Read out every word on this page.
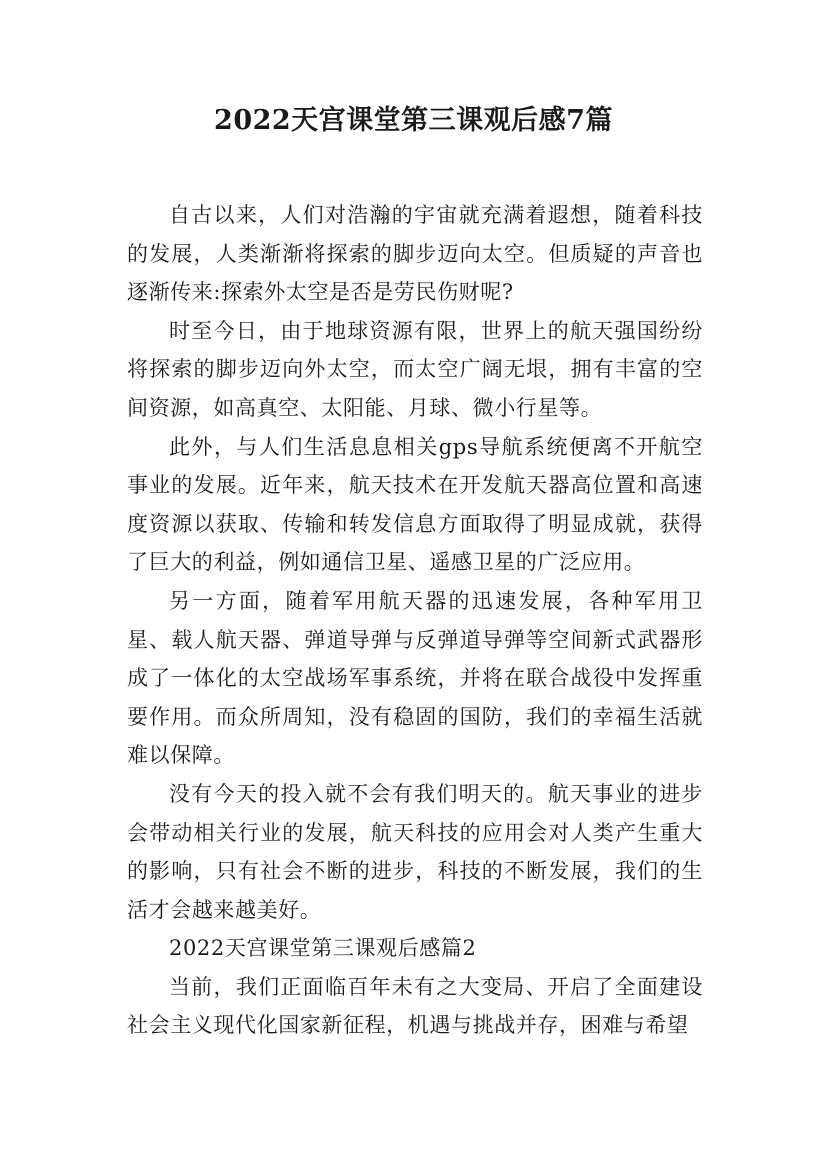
2022天宫课堂第三课观后感7篇

自古以来，人们对浩瀚的宇宙就充满着遐想，随着科技的发展，人类渐渐将探索的脚步迈向太空。但质疑的声音也逐渐传来:探索外太空是否是劳民伤财呢?

时至今日，由于地球资源有限，世界上的航天强国纷纷将探索的脚步迈向外太空，而太空广阔无垠，拥有丰富的空间资源，如高真空、太阳能、月球、微小行星等。

此外，与人们生活息息相关gps导航系统便离不开航空事业的发展。近年来，航天技术在开发航天器高位置和高速度资源以获取、传输和转发信息方面取得了明显成就，获得了巨大的利益，例如通信卫星、遥感卫星的广泛应用。

另一方面，随着军用航天器的迅速发展，各种军用卫星、载人航天器、弹道导弹与反弹道导弹等空间新式武器形成了一体化的太空战场军事系统，并将在联合战役中发挥重要作用。而众所周知，没有稳固的国防，我们的幸福生活就难以保障。

没有今天的投入就不会有我们明天的。航天事业的进步会带动相关行业的发展，航天科技的应用会对人类产生重大的影响，只有社会不断的进步，科技的不断发展，我们的生活才会越来越美好。

2022天宫课堂第三课观后感篇2

当前，我们正面临百年未有之大变局、开启了全面建设社会主义现代化国家新征程，机遇与挑战并存，困难与希望
